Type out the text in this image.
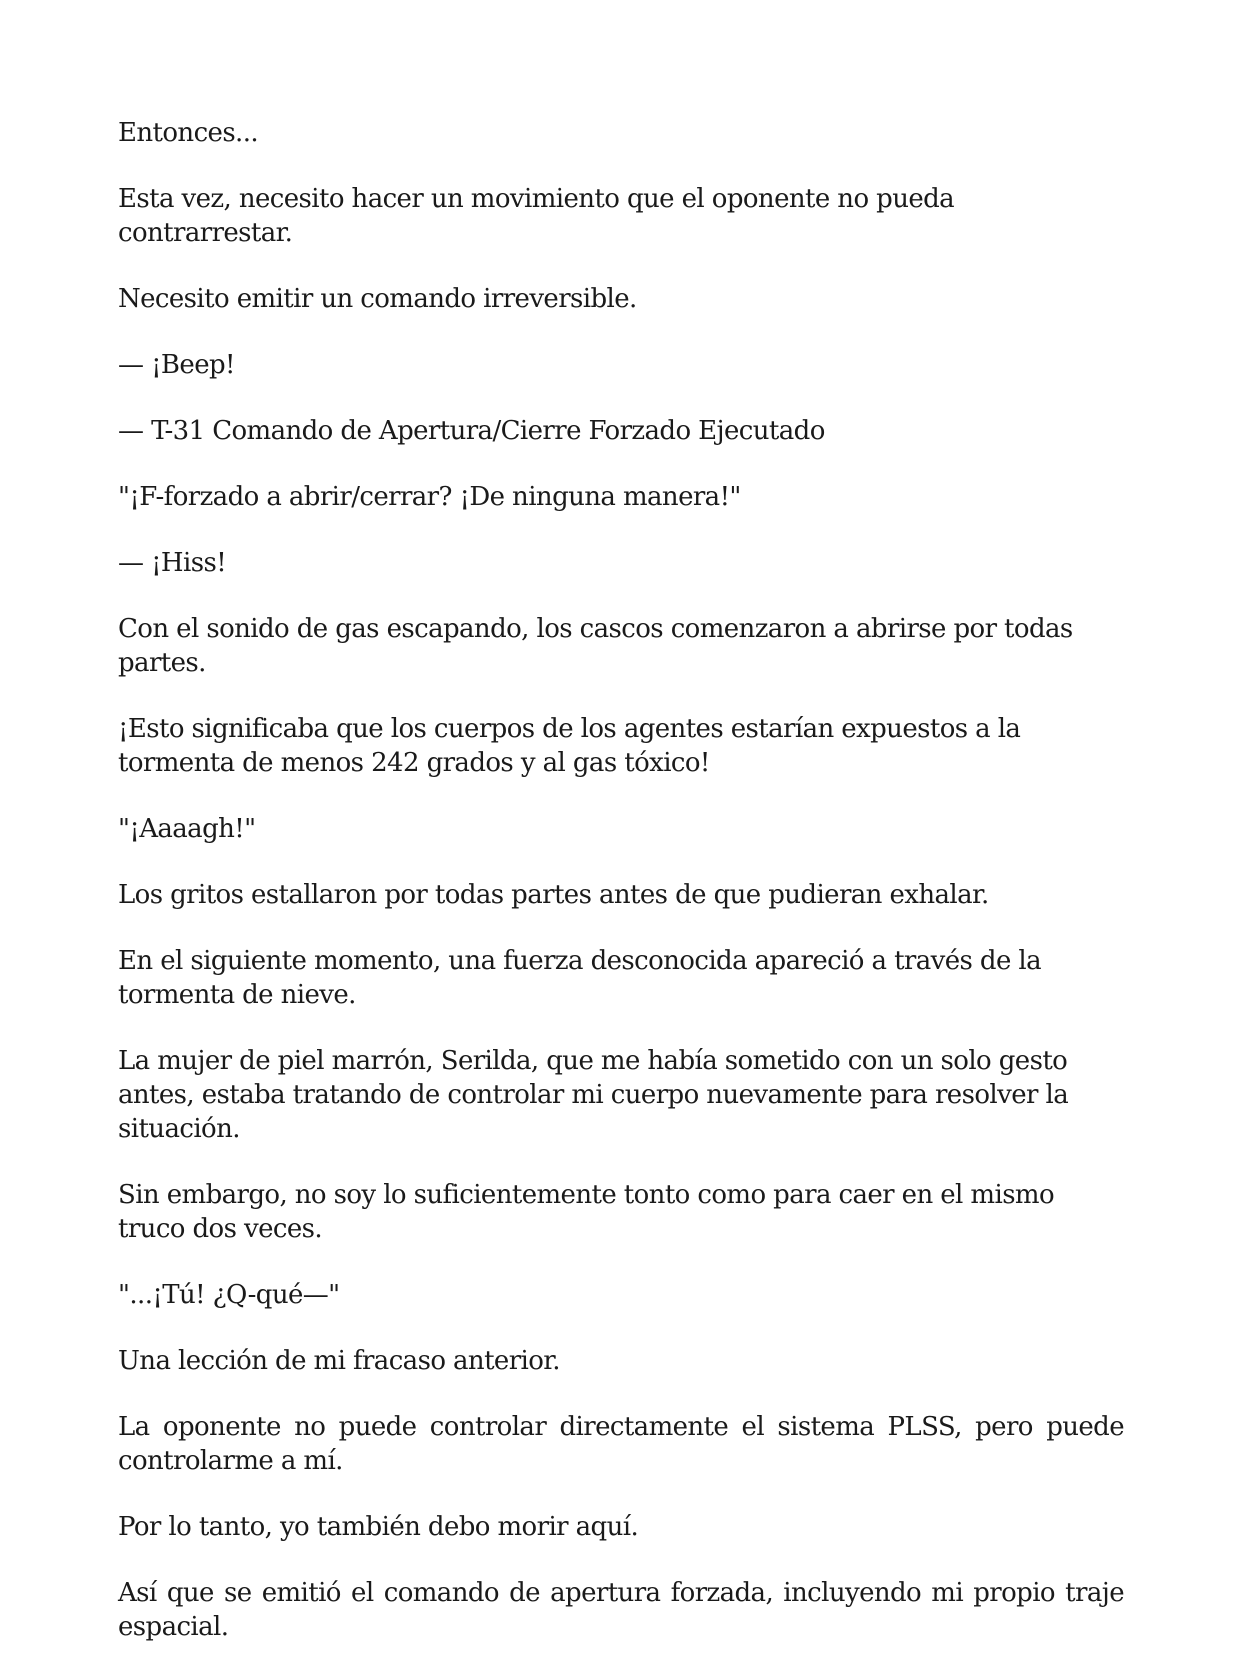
Entonces...

Esta vez, necesito hacer un movimiento que el oponente no pueda contrarrestar.

Necesito emitir un comando irreversible.

— ¡Beep!

— T-31 Comando de Apertura/Cierre Forzado Ejecutado

"¡F-forzado a abrir/cerrar? ¡De ninguna manera!"

— ¡Hiss!

Con el sonido de gas escapando, los cascos comenzaron a abrirse por todas partes.

¡Esto significaba que los cuerpos de los agentes estarían expuestos a la tormenta de menos 242 grados y al gas tóxico!

"¡Aaaagh!"

Los gritos estallaron por todas partes antes de que pudieran exhalar.

En el siguiente momento, una fuerza desconocida apareció a través de la tormenta de nieve.

La mujer de piel marrón, Serilda, que me había sometido con un solo gesto antes, estaba tratando de controlar mi cuerpo nuevamente para resolver la situación.

Sin embargo, no soy lo suficientemente tonto como para caer en el mismo truco dos veces.

"...¡Tú! ¿Q-qué—"

Una lección de mi fracaso anterior.

La oponente no puede controlar directamente el sistema PLSS, pero puede controlarme a mí.

Por lo tanto, yo también debo morir aquí.

Así que se emitió el comando de apertura forzada, incluyendo mi propio traje espacial.
